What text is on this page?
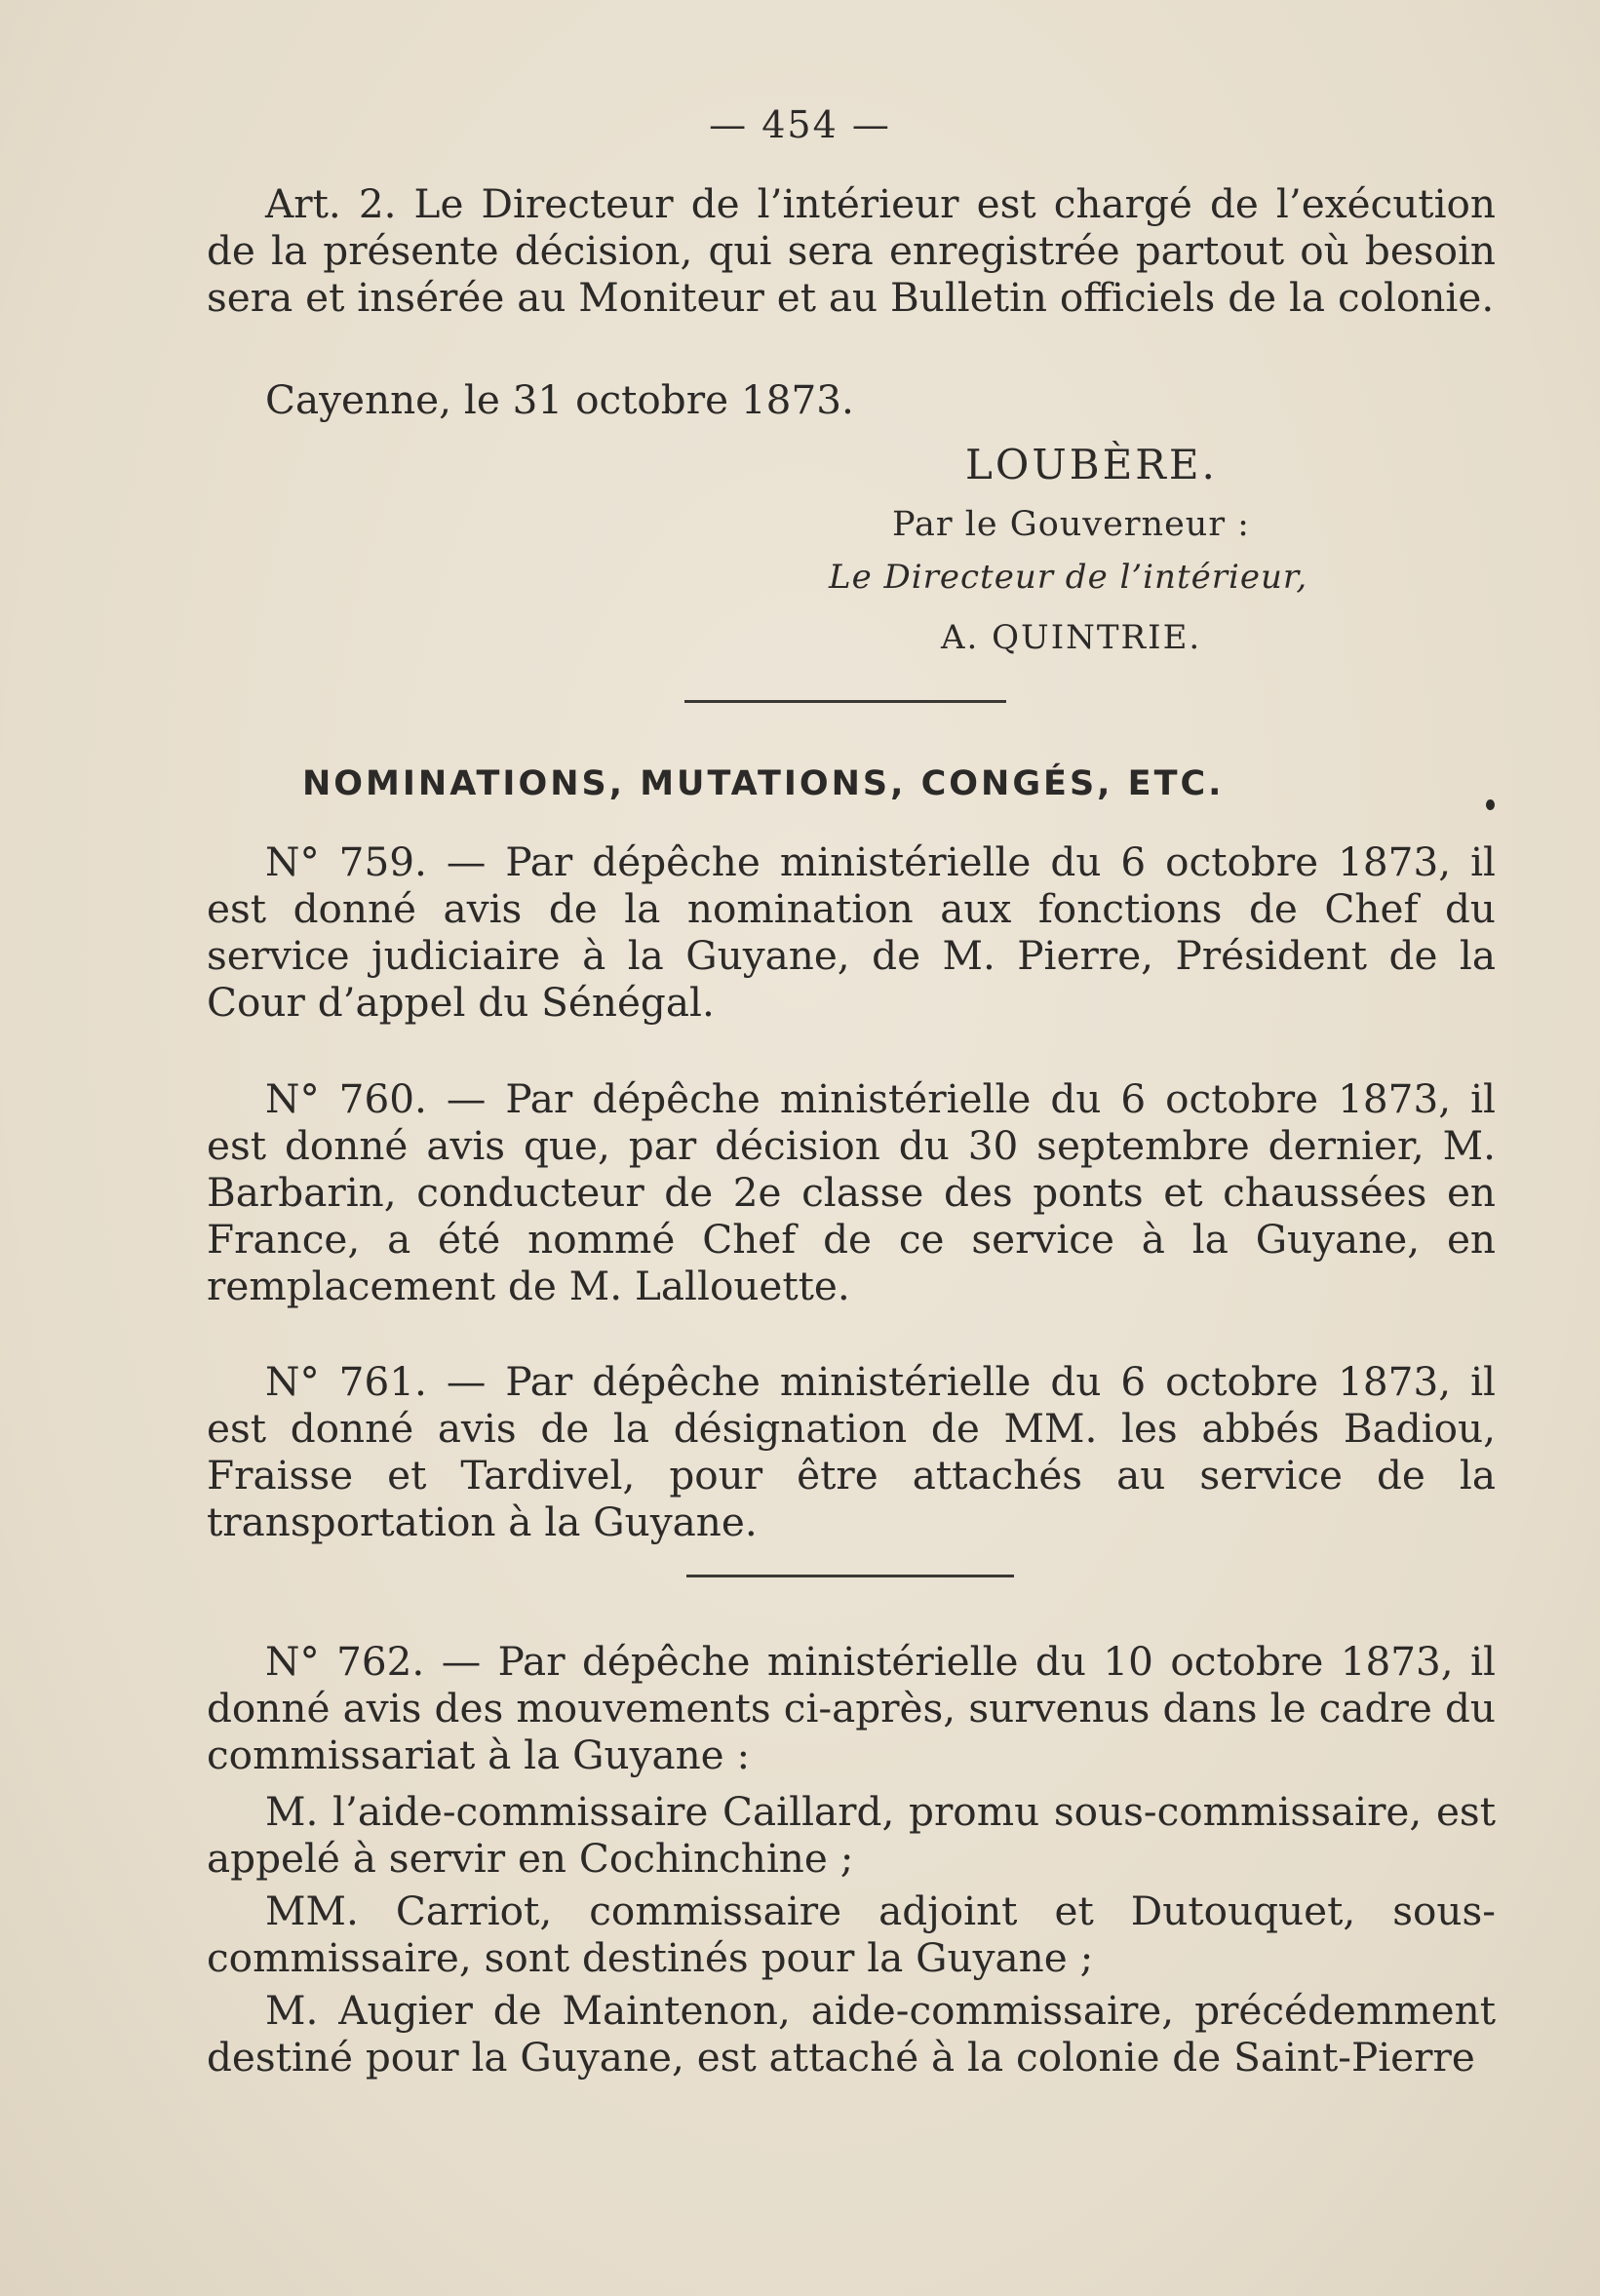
— 454 —

Art. 2. Le Directeur de l’intérieur est chargé de l’exécution de la présente décision, qui sera enregistrée partout où besoin sera et insérée au Moniteur et au Bulletin officiels de la colonie.

Cayenne, le 31 octobre 1873.

LOUBÈRE.
Par le Gouverneur :
Le Directeur de l’intérieur,
A. QUINTRIE.
NOMINATIONS, MUTATIONS, CONGÉS, ETC.

N° 759. — Par dépêche ministérielle du 6 octobre 1873, il est donné avis de la nomination aux fonctions de Chef du service judiciaire à la Guyane, de M. Pierre, Président de la Cour d’appel du Sénégal.

N° 760. — Par dépêche ministérielle du 6 octobre 1873, il est donné avis que, par décision du 30 septembre dernier, M. Barbarin, conducteur de 2e classe des ponts et chaussées en France, a été nommé Chef de ce service à la Guyane, en remplacement de M. Lallouette.

N° 761. — Par dépêche ministérielle du 6 octobre 1873, il est donné avis de la désignation de MM. les abbés Badiou, Fraisse et Tardivel, pour être attachés au service de la transportation à la Guyane.

N° 762. — Par dépêche ministérielle du 10 octobre 1873, il donné avis des mouvements ci-après, survenus dans le cadre du commissariat à la Guyane :

M. l’aide-commissaire Caillard, promu sous-commissaire, est appelé à servir en Cochinchine ;

MM. Carriot, commissaire adjoint et Dutouquet, sous-commissaire, sont destinés pour la Guyane ;

M. Augier de Maintenon, aide-commissaire, précédemment destiné pour la Guyane, est attaché à la colonie de Saint-Pierre
